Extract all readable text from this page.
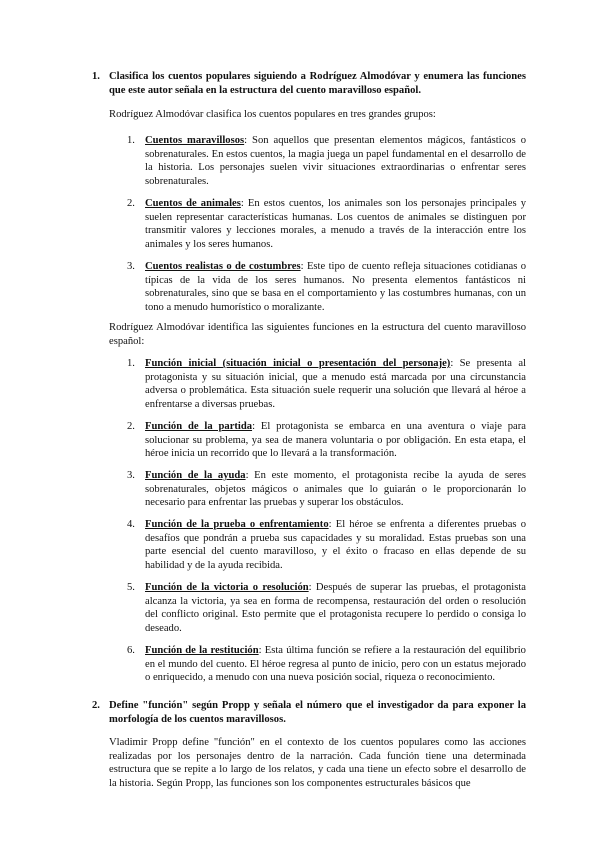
1. Clasifica los cuentos populares siguiendo a Rodríguez Almodóvar y enumera las funciones que este autor señala en la estructura del cuento maravilloso español.

Rodríguez Almodóvar clasifica los cuentos populares en tres grandes grupos:

1. Cuentos maravillosos: Son aquellos que presentan elementos mágicos, fantásticos o sobrenaturales. En estos cuentos, la magia juega un papel fundamental en el desarrollo de la historia. Los personajes suelen vivir situaciones extraordinarias o enfrentar seres sobrenaturales.
2. Cuentos de animales: En estos cuentos, los animales son los personajes principales y suelen representar características humanas. Los cuentos de animales se distinguen por transmitir valores y lecciones morales, a menudo a través de la interacción entre los animales y los seres humanos.
3. Cuentos realistas o de costumbres: Este tipo de cuento refleja situaciones cotidianas o típicas de la vida de los seres humanos. No presenta elementos fantásticos ni sobrenaturales, sino que se basa en el comportamiento y las costumbres humanas, con un tono a menudo humorístico o moralizante.

Rodríguez Almodóvar identifica las siguientes funciones en la estructura del cuento maravilloso español:

1. Función inicial (situación inicial o presentación del personaje): Se presenta al protagonista y su situación inicial, que a menudo está marcada por una circunstancia adversa o problemática. Esta situación suele requerir una solución que llevará al héroe a enfrentarse a diversas pruebas.
2. Función de la partida: El protagonista se embarca en una aventura o viaje para solucionar su problema, ya sea de manera voluntaria o por obligación. En esta etapa, el héroe inicia un recorrido que lo llevará a la transformación.
3. Función de la ayuda: En este momento, el protagonista recibe la ayuda de seres sobrenaturales, objetos mágicos o animales que lo guiarán o le proporcionarán lo necesario para enfrentar las pruebas y superar los obstáculos.
4. Función de la prueba o enfrentamiento: El héroe se enfrenta a diferentes pruebas o desafíos que pondrán a prueba sus capacidades y su moralidad. Estas pruebas son una parte esencial del cuento maravilloso, y el éxito o fracaso en ellas depende de su habilidad y de la ayuda recibida.
5. Función de la victoria o resolución: Después de superar las pruebas, el protagonista alcanza la victoria, ya sea en forma de recompensa, restauración del orden o resolución del conflicto original. Esto permite que el protagonista recupere lo perdido o consiga lo deseado.
6. Función de la restitución: Esta última función se refiere a la restauración del equilibrio en el mundo del cuento. El héroe regresa al punto de inicio, pero con un estatus mejorado o enriquecido, a menudo con una nueva posición social, riqueza o reconocimiento.

2. Define "función" según Propp y señala el número que el investigador da para exponer la morfología de los cuentos maravillosos.

Vladimir Propp define "función" en el contexto de los cuentos populares como las acciones realizadas por los personajes dentro de la narración. Cada función tiene una determinada estructura que se repite a lo largo de los relatos, y cada una tiene un efecto sobre el desarrollo de la historia. Según Propp, las funciones son los componentes estructurales básicos que
